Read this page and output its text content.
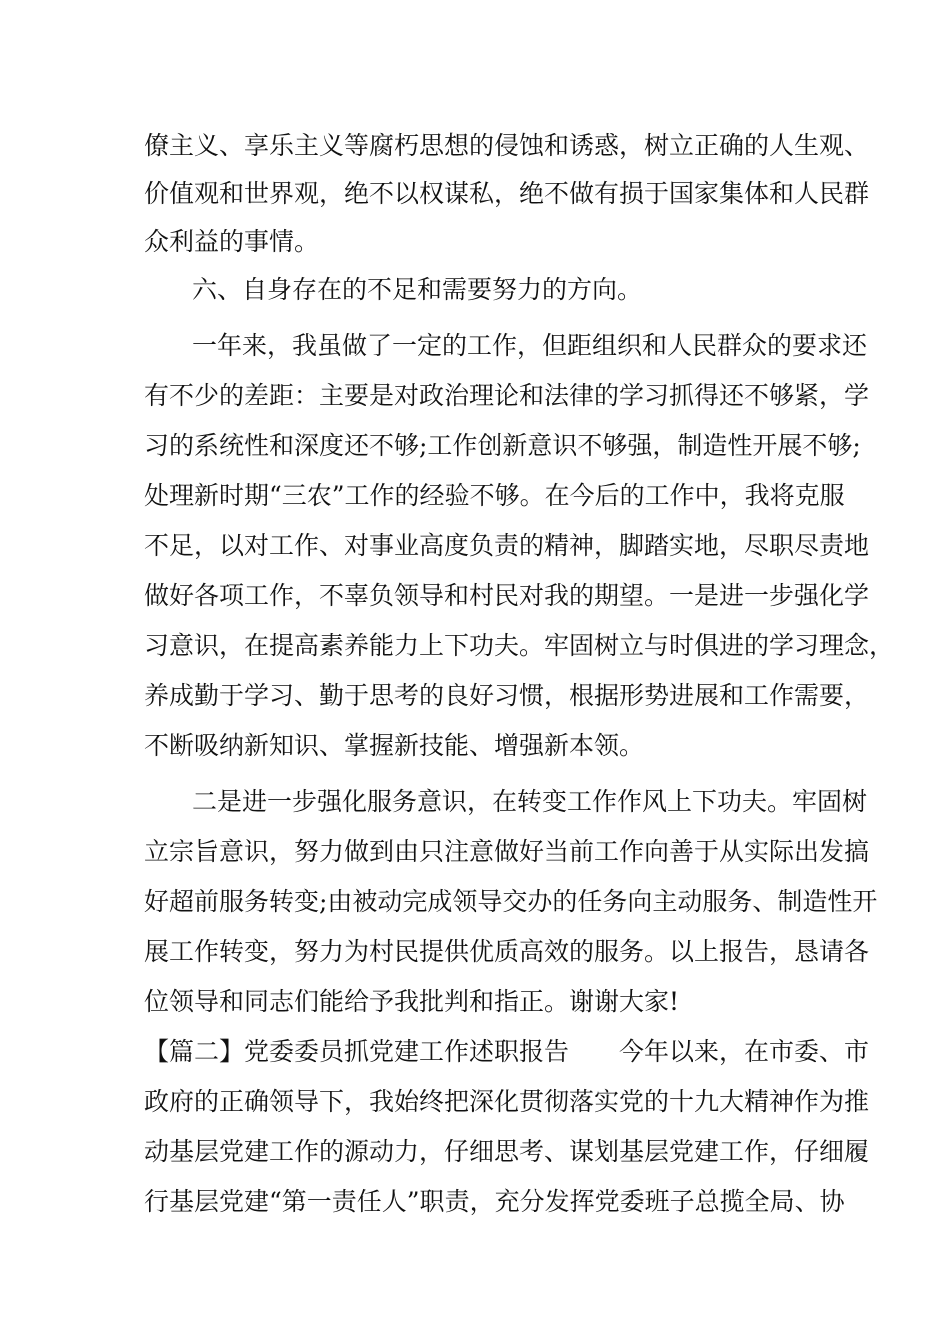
僚主义、享乐主义等腐朽思想的侵蚀和诱惑，树立正确的人生观、
价值观和世界观，绝不以权谋私，绝不做有损于国家集体和人民群
众利益的事情。
六、自身存在的不足和需要努力的方向。
一年来，我虽做了一定的工作，但距组织和人民群众的要求还
有不少的差距：主要是对政治理论和法律的学习抓得还不够紧，学
习的系统性和深度还不够;工作创新意识不够强，制造性开展不够;
处理新时期“三农”工作的经验不够。在今后的工作中，我将克服
不足，以对工作、对事业高度负责的精神，脚踏实地，尽职尽责地
做好各项工作，不辜负领导和村民对我的期望。一是进一步强化学
习意识，在提高素养能力上下功夫。牢固树立与时俱进的学习理念，
养成勤于学习、勤于思考的良好习惯，根据形势进展和工作需要，
不断吸纳新知识、掌握新技能、增强新本领。
二是进一步强化服务意识，在转变工作作风上下功夫。牢固树
立宗旨意识，努力做到由只注意做好当前工作向善于从实际出发搞
好超前服务转变;由被动完成领导交办的任务向主动服务、制造性开
展工作转变，努力为村民提供优质高效的服务。以上报告，恳请各
位领导和同志们能给予我批判和指正。谢谢大家!
【篇二】党委委员抓党建工作述职报告　　今年以来，在市委、市
政府的正确领导下，我始终把深化贯彻落实党的十九大精神作为推
动基层党建工作的源动力，仔细思考、谋划基层党建工作，仔细履
行基层党建“第一责任人”职责，充分发挥党委班子总揽全局、协
